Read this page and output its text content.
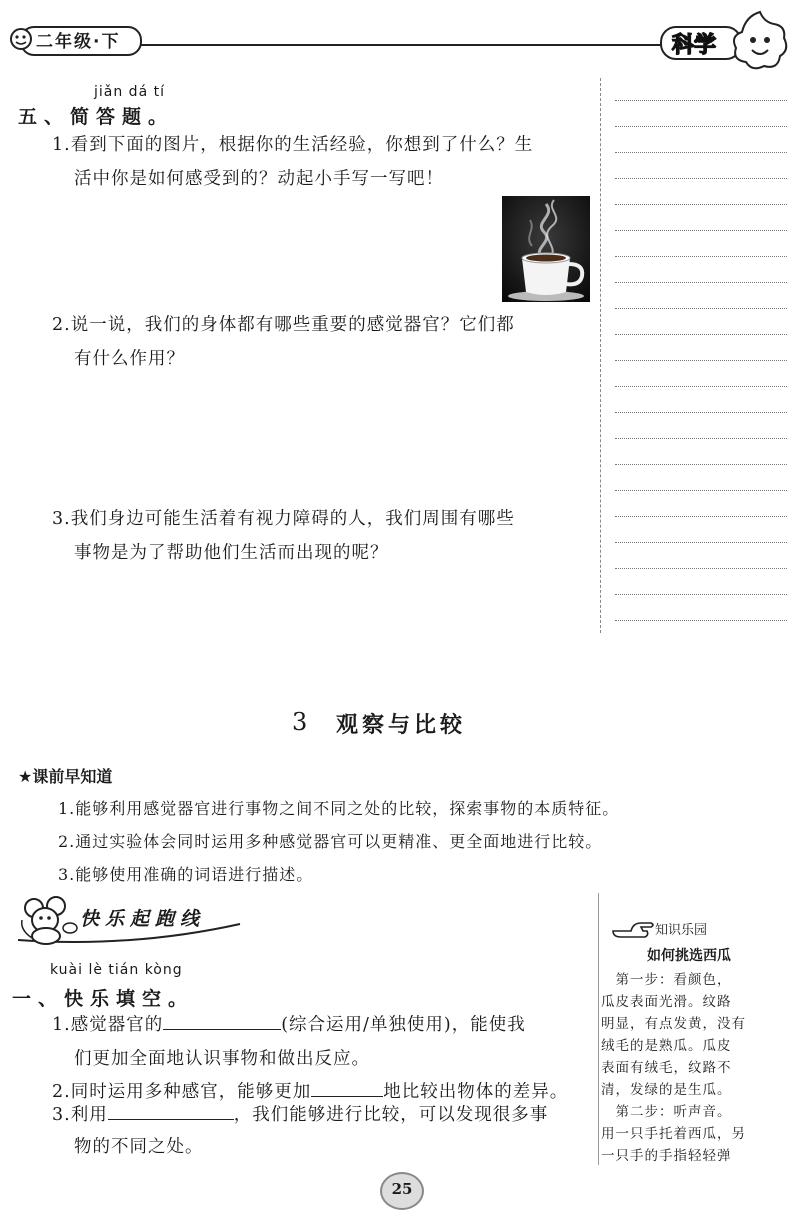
二年级·下	科学
jiǎn dá tí
五、简答题。
1.看到下面的图片，根据你的生活经验，你想到了什么？生
活中你是如何感受到的？动起小手写一写吧！
2.说一说，我们的身体都有哪些重要的感觉器官？它们都
有什么作用？
3.我们身边可能生活着有视力障碍的人，我们周围有哪些
事物是为了帮助他们生活而出现的呢？
3 观察与比较
★课前早知道
1.能够利用感觉器官进行事物之间不同之处的比较，探索事物的本质特征。
2.通过实验体会同时运用多种感觉器官可以更精准、更全面地进行比较。
3.能够使用准确的词语进行描述。
快乐起跑线
kuài lè tián kòng
一、快乐填空。
1.感觉器官的	(综合运用/单独使用)，能使我
们更加全面地认识事物和做出反应。
2.同时运用多种感官，能够更加	地比较出物体的差异。
3.利用	，我们能够进行比较，可以发现很多事
物的不同之处。
知识乐园
如何挑选西瓜
　第一步：看颜色，
瓜皮表面光滑。纹路
明显，有点发黄，没有
绒毛的是熟瓜。瓜皮
表面有绒毛，纹路不
清，发绿的是生瓜。
　第二步：听声音。
用一只手托着西瓜，另
一只手的手指轻轻弹
25
